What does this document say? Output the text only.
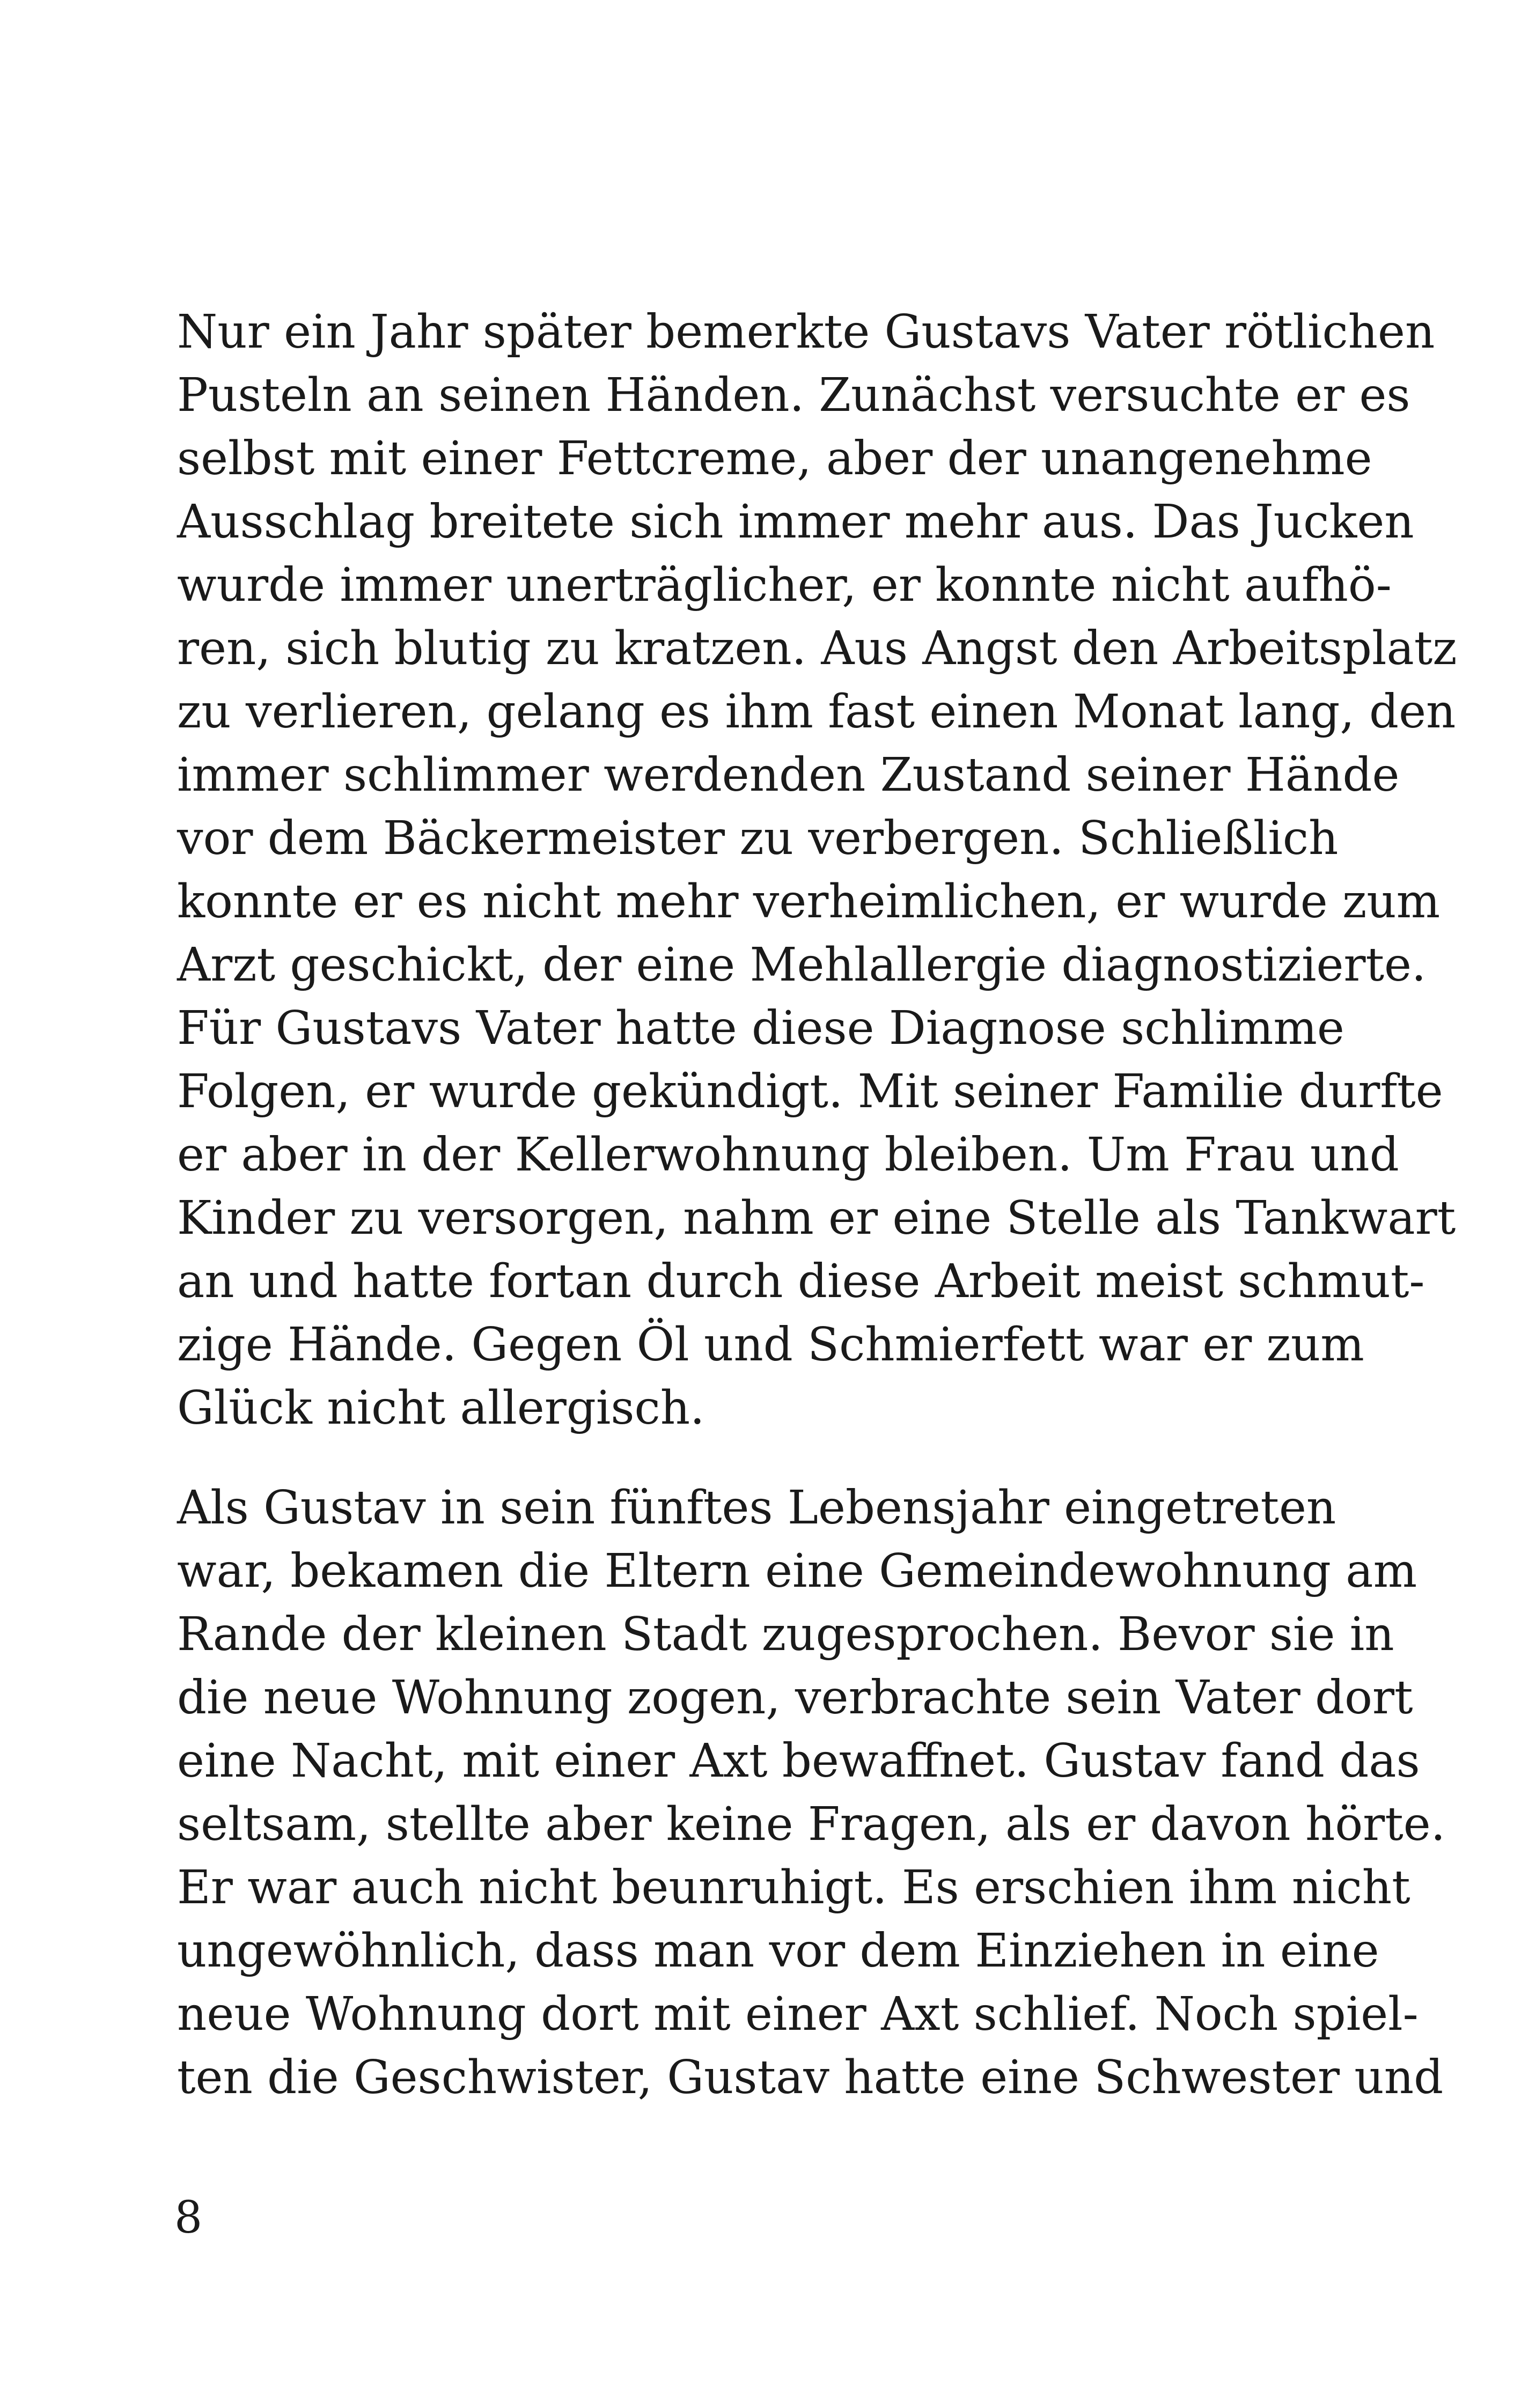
Nur ein Jahr später bemerkte Gustavs Vater rötlichen
Pusteln an seinen Händen. Zunächst versuchte er es
selbst mit einer Fettcreme, aber der unangenehme
Ausschlag breitete sich immer mehr aus. Das Jucken
wurde immer unerträglicher, er konnte nicht aufhö-
ren, sich blutig zu kratzen. Aus Angst den Arbeitsplatz
zu verlieren, gelang es ihm fast einen Monat lang, den
immer schlimmer werdenden Zustand seiner Hände
vor dem Bäckermeister zu verbergen. Schließlich
konnte er es nicht mehr verheimlichen, er wurde zum
Arzt geschickt, der eine Mehlallergie diagnostizierte.
Für Gustavs Vater hatte diese Diagnose schlimme
Folgen, er wurde gekündigt. Mit seiner Familie durfte
er aber in der Kellerwohnung bleiben. Um Frau und
Kinder zu versorgen, nahm er eine Stelle als Tankwart
an und hatte fortan durch diese Arbeit meist schmut-
zige Hände. Gegen Öl und Schmierfett war er zum
Glück nicht allergisch.
Als Gustav in sein fünftes Lebensjahr eingetreten
war, bekamen die Eltern eine Gemeindewohnung am
Rande der kleinen Stadt zugesprochen. Bevor sie in
die neue Wohnung zogen, verbrachte sein Vater dort
eine Nacht, mit einer Axt bewaffnet. Gustav fand das
seltsam, stellte aber keine Fragen, als er davon hörte.
Er war auch nicht beunruhigt. Es erschien ihm nicht
ungewöhnlich, dass man vor dem Einziehen in eine
neue Wohnung dort mit einer Axt schlief. Noch spiel-
ten die Geschwister, Gustav hatte eine Schwester und
8
